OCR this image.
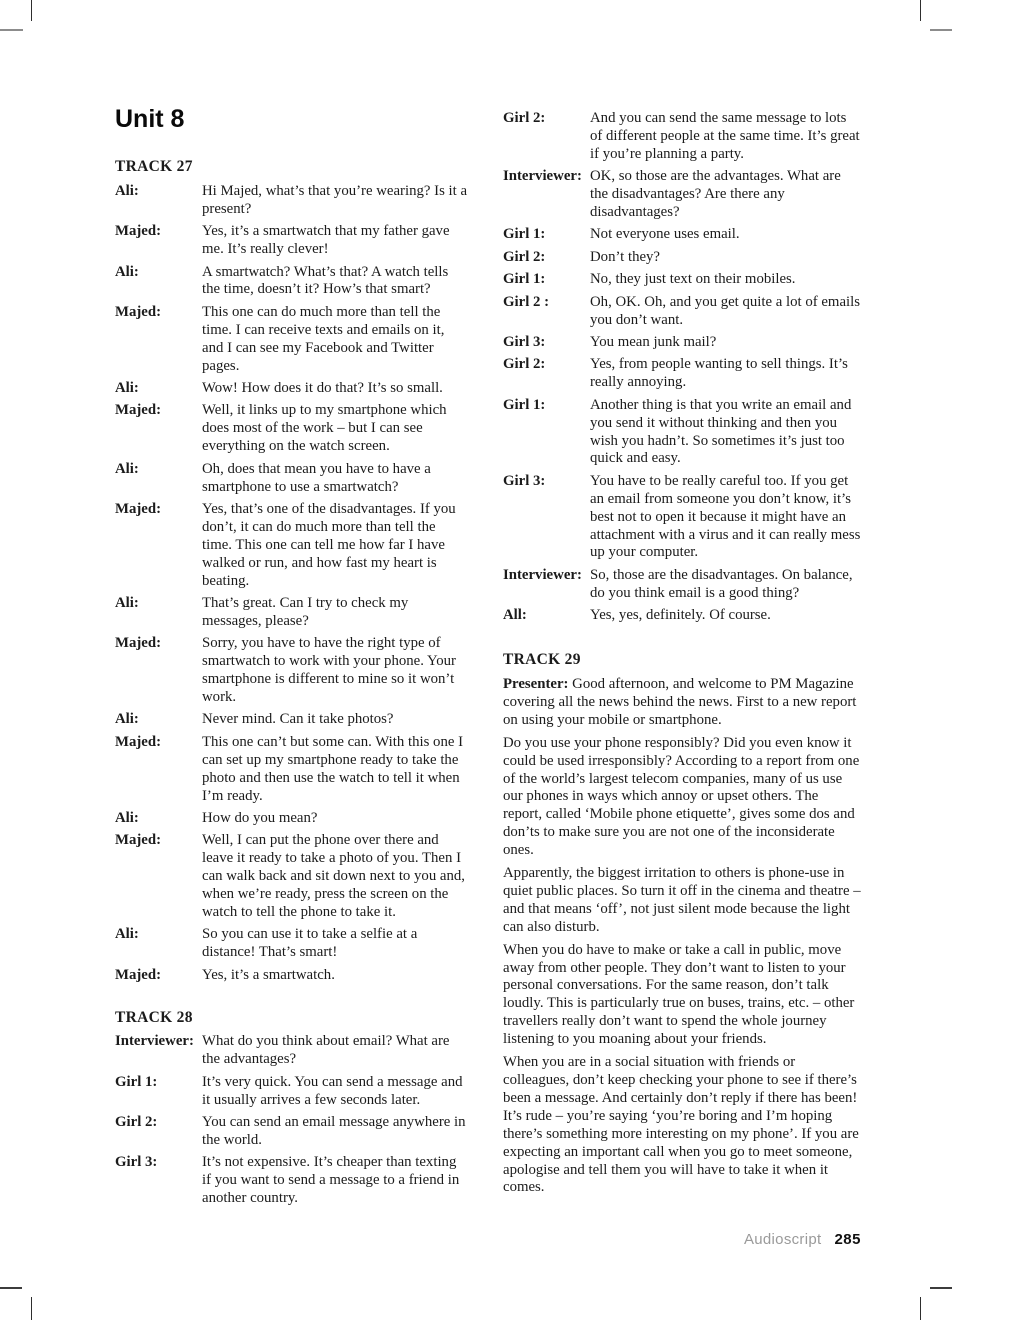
Unit 8
TRACK 27
Ali:	Hi Majed, what’s that you’re wearing? Is it a present?
Majed:	Yes, it’s a smartwatch that my father gave me. It’s really clever!
Ali:	A smartwatch? What’s that? A watch tells the time, doesn’t it? How’s that smart?
Majed:	This one can do much more than tell the time. I can receive texts and emails on it, and I can see my Facebook and Twitter pages.
Ali:	Wow! How does it do that? It’s so small.
Majed:	Well, it links up to my smartphone which does most of the work – but I can see everything on the watch screen.
Ali:	Oh, does that mean you have to have a smartphone to use a smartwatch?
Majed:	Yes, that’s one of the disadvantages. If you don’t, it can do much more than tell the time. This one can tell me how far I have walked or run, and how fast my heart is beating.
Ali:	That’s great. Can I try to check my messages, please?
Majed:	Sorry, you have to have the right type of smartwatch to work with your phone. Your smartphone is different to mine so it won’t work.
Ali:	Never mind. Can it take photos?
Majed:	This one can’t but some can. With this one I can set up my smartphone ready to take the photo and then use the watch to tell it when I’m ready.
Ali:	How do you mean?
Majed:	Well, I can put the phone over there and leave it ready to take a photo of you. Then I can walk back and sit down next to you and, when we’re ready, press the screen on the watch to tell the phone to take it.
Ali:	So you can use it to take a selfie at a distance! That’s smart!
Majed:	Yes, it’s a smartwatch.
TRACK 28
Interviewer: What do you think about email? What are the advantages?
Girl 1:	It’s very quick. You can send a message and it usually arrives a few seconds later.
Girl 2:	You can send an email message anywhere in the world.
Girl 3:	It’s not expensive. It’s cheaper than texting if you want to send a message to a friend in another country.
Girl 2:	And you can send the same message to lots of different people at the same time. It’s great if you’re planning a party.
Interviewer: OK, so those are the advantages. What are the disadvantages? Are there any disadvantages?
Girl 1:	Not everyone uses email.
Girl 2:	Don’t they?
Girl 1:	No, they just text on their mobiles.
Girl 2 :	Oh, OK. Oh, and you get quite a lot of emails you don’t want.
Girl 3:	You mean junk mail?
Girl 2:	Yes, from people wanting to sell things. It’s really annoying.
Girl 1:	Another thing is that you write an email and you send it without thinking and then you wish you hadn’t. So sometimes it’s just too quick and easy.
Girl 3:	You have to be really careful too. If you get an email from someone you don’t know, it’s best not to open it because it might have an attachment with a virus and it can really mess up your computer.
Interviewer: So, those are the disadvantages. On balance, do you think email is a good thing?
All:	Yes, yes, definitely. Of course.
TRACK 29

Presenter: Good afternoon, and welcome to PM Magazine covering all the news behind the news. First to a new report on using your mobile or smartphone.

Do you use your phone responsibly? Did you even know it could be used irresponsibly? According to a report from one of the world’s largest telecom companies, many of us use our phones in ways which annoy or upset others. The report, called ‘Mobile phone etiquette’, gives some dos and don’ts to make sure you are not one of the inconsiderate ones.

Apparently, the biggest irritation to others is phone-use in quiet public places. So turn it off in the cinema and theatre – and that means ‘off’, not just silent mode because the light can also disturb.

When you do have to make or take a call in public, move away from other people. They don’t want to listen to your personal conversations. For the same reason, don’t talk loudly. This is particularly true on buses, trains, etc. – other travellers really don’t want to spend the whole journey listening to you moaning about your friends.

When you are in a social situation with friends or colleagues, don’t keep checking your phone to see if there’s been a message. And certainly don’t reply if there has been! It’s rude – you’re saying ‘you’re boring and I’m hoping there’s something more interesting on my phone’. If you are expecting an important call when you go to meet someone, apologise and tell them you will have to take it when it comes.

Audioscript 285
